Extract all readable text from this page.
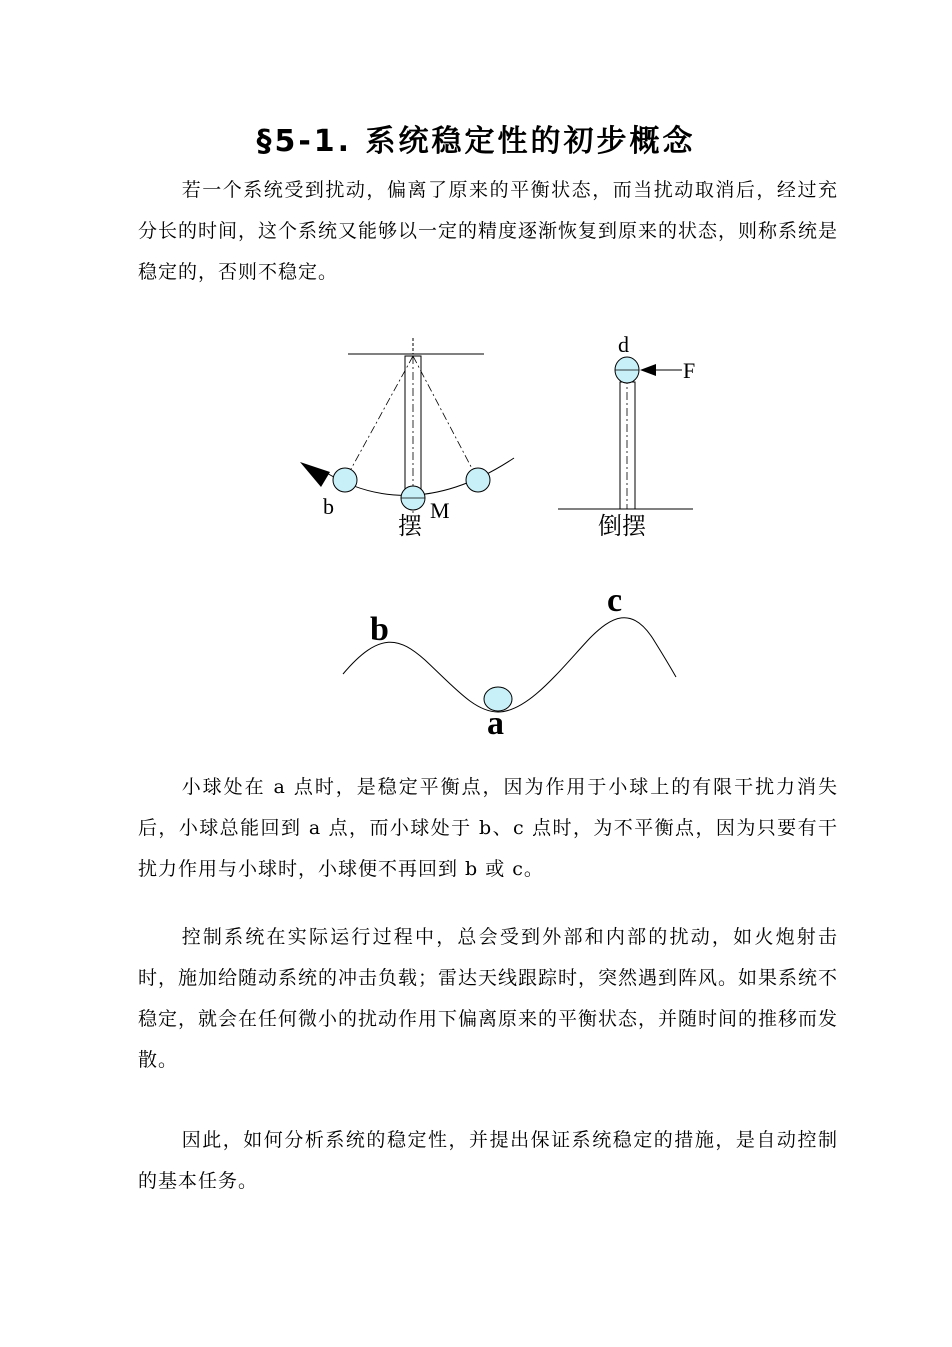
§5-1. 系统稳定性的初步概念
若一个系统受到扰动，偏离了原来的平衡状态，而当扰动取消后，经过充分长的时间，这个系统又能够以一定的精度逐渐恢复到原来的状态，则称系统是稳定的，否则不稳定。
b	M
摆
d
F
倒摆
b
c
a
小球处在 a 点时，是稳定平衡点，因为作用于小球上的有限干扰力消失后，小球总能回到 a 点，而小球处于 b、c 点时，为不平衡点，因为只要有干扰力作用与小球时，小球便不再回到 b 或 c。
控制系统在实际运行过程中，总会受到外部和内部的扰动，如火炮射击时，施加给随动系统的冲击负载；雷达天线跟踪时，突然遇到阵风。如果系统不稳定，就会在任何微小的扰动作用下偏离原来的平衡状态，并随时间的推移而发散。
因此，如何分析系统的稳定性，并提出保证系统稳定的措施，是自动控制的基本任务。
